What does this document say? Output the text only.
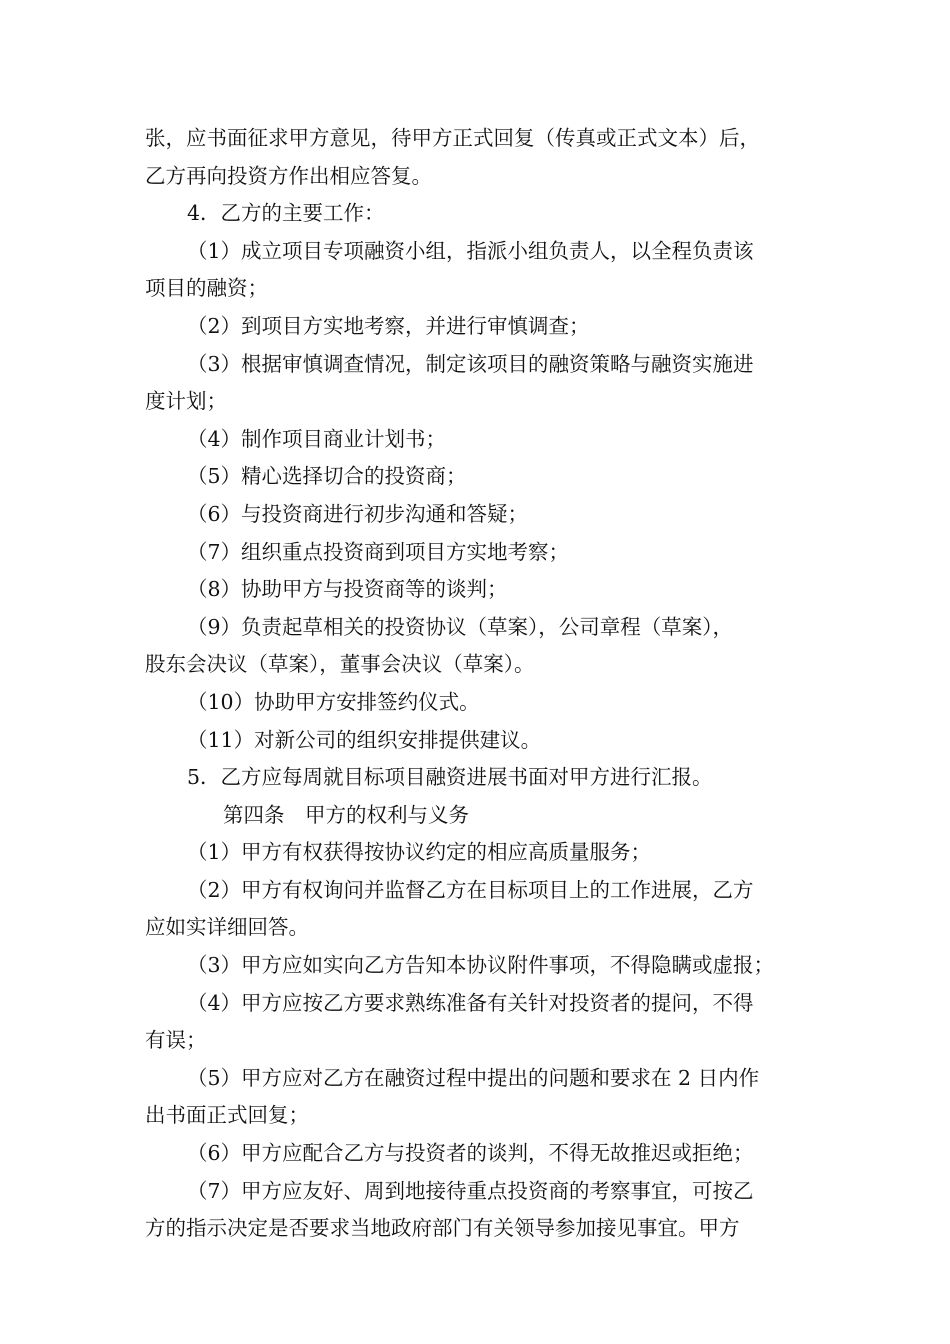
张，应书面征求甲方意见，待甲方正式回复（传真或正式文本）后，
乙方再向投资方作出相应答复。
4．乙方的主要工作：
（1）成立项目专项融资小组，指派小组负责人，以全程负责该
项目的融资；
（2）到项目方实地考察，并进行审慎调查；
（3）根据审慎调查情况，制定该项目的融资策略与融资实施进
度计划；
（4）制作项目商业计划书；
（5）精心选择切合的投资商；
（6）与投资商进行初步沟通和答疑；
（7）组织重点投资商到项目方实地考察；
（8）协助甲方与投资商等的谈判；
（9）负责起草相关的投资协议（草案），公司章程（草案），
股东会决议（草案），董事会决议（草案）。
（10）协助甲方安排签约仪式。
（11）对新公司的组织安排提供建议。
5．乙方应每周就目标项目融资进展书面对甲方进行汇报。
第四条　甲方的权利与义务
（1）甲方有权获得按协议约定的相应高质量服务；
（2）甲方有权询问并监督乙方在目标项目上的工作进展，乙方
应如实详细回答。
（3）甲方应如实向乙方告知本协议附件事项，不得隐瞒或虚报；
（4）甲方应按乙方要求熟练准备有关针对投资者的提问，不得
有误；
（5）甲方应对乙方在融资过程中提出的问题和要求在 2 日内作
出书面正式回复；
（6）甲方应配合乙方与投资者的谈判，不得无故推迟或拒绝；
（7）甲方应友好、周到地接待重点投资商的考察事宜，可按乙
方的指示决定是否要求当地政府部门有关领导参加接见事宜。甲方
